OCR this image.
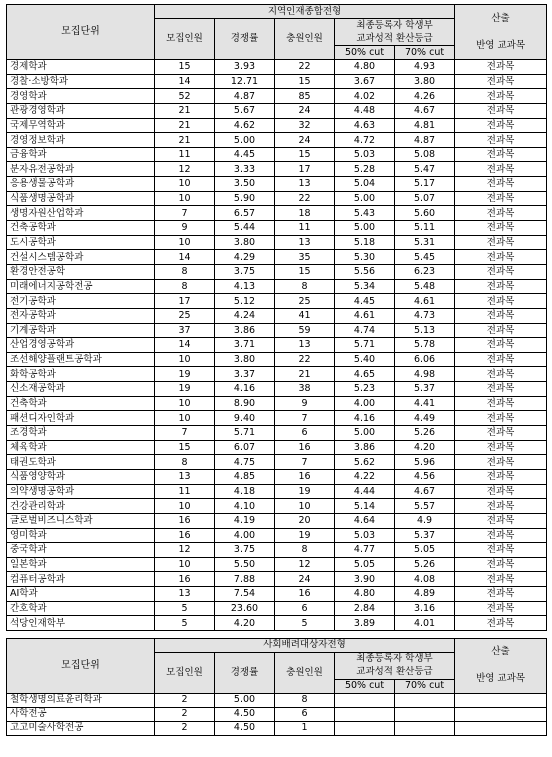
모집단위	지역인재종합전형					산출
	모집인원	경쟁률	충원인원	최종등록자 학생부		
				교과성적 환산등급		반영 교과목
				50% cut	70% cut	
경제학과	15	3.93	22	4.80	4.93	전과목
경찰·소방학과	14	12.71	15	3.67	3.80	전과목
경영학과	52	4.87	85	4.02	4.26	전과목
관광경영학과	21	5.67	24	4.48	4.67	전과목
국제무역학과	21	4.62	32	4.63	4.81	전과목
경영정보학과	21	5.00	24	4.72	4.87	전과목
금융학과	11	4.45	15	5.03	5.08	전과목
분자유전공학과	12	3.33	17	5.28	5.47	전과목
응용생물공학과	10	3.50	13	5.04	5.17	전과목
식품생명공학과	10	5.90	22	5.00	5.07	전과목
생명자원산업학과	7	6.57	18	5.43	5.60	전과목
건축공학과	9	5.44	11	5.00	5.11	전과목
도시공학과	10	3.80	13	5.18	5.31	전과목
건설시스템공학과	14	4.29	35	5.30	5.45	전과목
환경안전공학	8	3.75	15	5.56	6.23	전과목
미래에너지공학전공	8	4.13	8	5.34	5.48	전과목
전기공학과	17	5.12	25	4.45	4.61	전과목
전자공학과	25	4.24	41	4.61	4.73	전과목
기계공학과	37	3.86	59	4.74	5.13	전과목
산업경영공학과	14	3.71	13	5.71	5.78	전과목
조선해양플랜트공학과	10	3.80	22	5.40	6.06	전과목
화학공학과	19	3.37	21	4.65	4.98	전과목
신소재공학과	19	4.16	38	5.23	5.37	전과목
건축학과	10	8.90	9	4.00	4.41	전과목
패션디자인학과	10	9.40	7	4.16	4.49	전과목
조경학과	7	5.71	6	5.00	5.26	전과목
체육학과	15	6.07	16	3.86	4.20	전과목
태권도학과	8	4.75	7	5.62	5.96	전과목
식품영양학과	13	4.85	16	4.22	4.56	전과목
의약생명공학과	11	4.18	19	4.44	4.67	전과목
건강관리학과	10	4.10	10	5.14	5.57	전과목
글로벌비즈니스학과	16	4.19	20	4.64	4.9	전과목
영미학과	16	4.00	19	5.03	5.37	전과목
중국학과	12	3.75	8	4.77	5.05	전과목
일본학과	10	5.50	12	5.05	5.26	전과목
컴퓨터공학과	16	7.88	24	3.90	4.08	전과목
AI학과	13	7.54	16	4.80	4.89	전과목
간호학과	5	23.60	6	2.84	3.16	전과목
석당인재학부	5	4.20	5	3.89	4.01	전과목
모집단위	사회배려대상자전형					산출
	모집인원	경쟁률	충원인원	최종등록자 학생부		
				교과성적 환산등급		반영 교과목
				50% cut	70% cut	
철학생명의료윤리학과	2	5.00	8			
사학전공	2	4.50	6			
고고미술사학전공	2	4.50	1			
